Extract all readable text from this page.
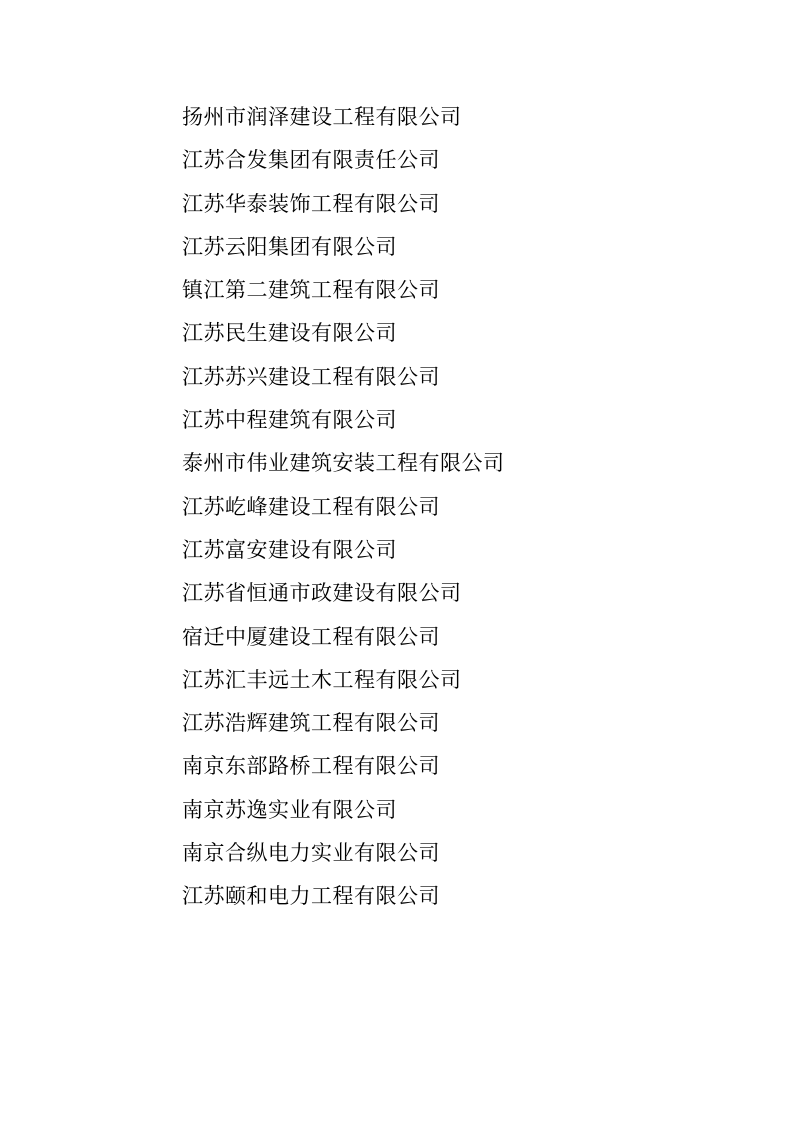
扬州市润泽建设工程有限公司

江苏合发集团有限责任公司

江苏华泰装饰工程有限公司

江苏云阳集团有限公司

镇江第二建筑工程有限公司

江苏民生建设有限公司

江苏苏兴建设工程有限公司

江苏中程建筑有限公司

泰州市伟业建筑安装工程有限公司

江苏屹峰建设工程有限公司

江苏富安建设有限公司

江苏省恒通市政建设有限公司

宿迁中厦建设工程有限公司

江苏汇丰远土木工程有限公司

江苏浩辉建筑工程有限公司

南京东部路桥工程有限公司

南京苏逸实业有限公司

南京合纵电力实业有限公司

江苏颐和电力工程有限公司
